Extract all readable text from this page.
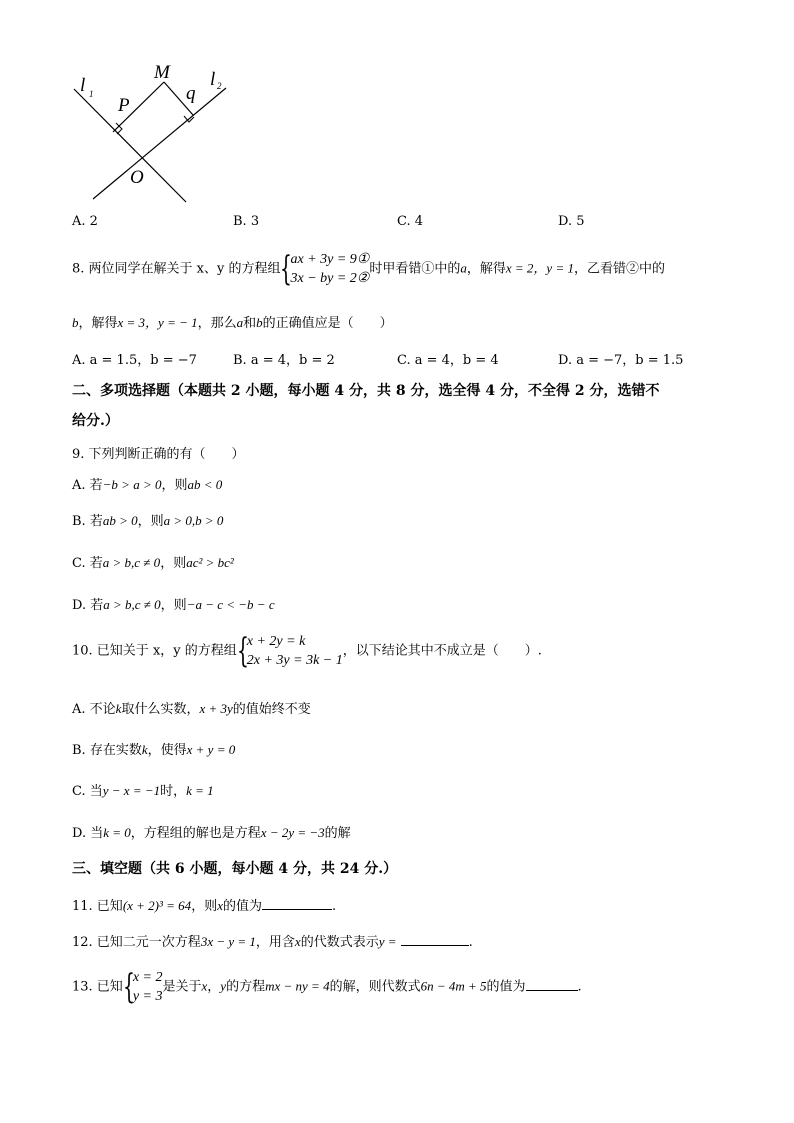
l 1
l 2
M
P
q
O
A. 2	B. 3	C. 4	D. 5
8. 两位同学在解关于 x、y 的方程组{ax + 3y = 9①
3x − by = 2②时甲看错①中的a，解得x = 2，y = 1，乙看错②中的
b，解得x = 3，y = − 1，那么a和b的正确值应是（　　）
A. a = 1.5，b = −7	B. a = 4，b = 2	C. a = 4，b = 4	D. a = −7，b = 1.5
二、多项选择题（本题共 2 小题，每小题 4 分，共 8 分，选全得 4 分，不全得 2 分，选错不
给分.）
9. 下列判断正确的有（　　）
A. 若−b > a > 0，则ab < 0
B. 若ab > 0，则a > 0,b > 0
C. 若a > b,c ≠ 0，则ac² > bc²
D. 若a > b,c ≠ 0，则−a − c < −b − c
10. 已知关于 x，y 的方程组{x + 2y = k
2x + 3y = 3k − 1，以下结论其中不成立是（　　）.
A. 不论k取什么实数，x + 3y的值始终不变
B. 存在实数k，使得x + y = 0
C. 当y − x = −1时，k = 1
D. 当k = 0，方程组的解也是方程x − 2y = −3的解
三、填空题（共 6 小题，每小题 4 分，共 24 分.）
11. 已知(x + 2)³ = 64，则x的值为	.
12. 已知二元一次方程3x − y = 1，用含x的代数式表示y =	.
13. 已知{x = 2
y = 3是关于x，y的方程mx − ny = 4的解，则代数式6n − 4m + 5的值为	.
